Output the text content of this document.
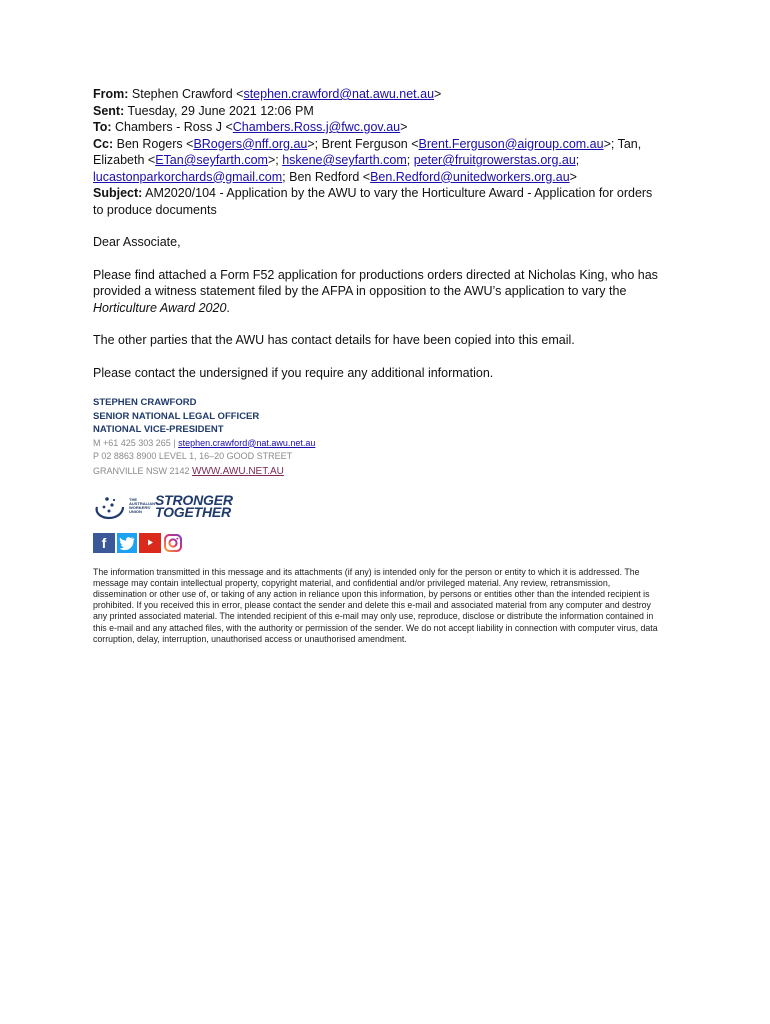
From: Stephen Crawford <stephen.crawford@nat.awu.net.au>
Sent: Tuesday, 29 June 2021 12:06 PM
To: Chambers - Ross J <Chambers.Ross.j@fwc.gov.au>
Cc: Ben Rogers <BRogers@nff.org.au>; Brent Ferguson <Brent.Ferguson@aigroup.com.au>; Tan, Elizabeth <ETan@seyfarth.com>; hskene@seyfarth.com; peter@fruitgrowerstas.org.au; lucastonparkorchards@gmail.com; Ben Redford <Ben.Redford@unitedworkers.org.au>
Subject: AM2020/104 - Application by the AWU to vary the Horticulture Award - Application for orders to produce documents

Dear Associate,

Please find attached a Form F52 application for productions orders directed at Nicholas King, who has provided a witness statement filed by the AFPA in opposition to the AWU’s application to vary the Horticulture Award 2020.

The other parties that the AWU has contact details for have been copied into this email.

Please contact the undersigned if you require any additional information.

STEPHEN CRAWFORD
SENIOR NATIONAL LEGAL OFFICER
NATIONAL VICE-PRESIDENT
M +61 425 303 265 | stephen.crawford@nat.awu.net.au
P 02 8863 8900 LEVEL 1, 16–20 GOOD STREET
GRANVILLE NSW 2142 WWW.AWU.NET.AU
THE AUSTRALIAN WORKERS' UNION
STRONGER
TOGETHER
f
The information transmitted in this message and its attachments (if any) is intended only for the person or entity to which it is addressed. The message may contain intellectual property, copyright material, and confidential and/or privileged material. Any review, retransmission, dissemination or other use of, or taking of any action in reliance upon this information, by persons or entities other than the intended recipient is prohibited. If you received this in error, please contact the sender and delete this e-mail and associated material from any computer and destroy any printed associated material. The intended recipient of this e-mail may only use, reproduce, disclose or distribute the information contained in this e-mail and any attached files, with the authority or permission of the sender. We do not accept liability in connection with computer virus, data corruption, delay, interruption, unauthorised access or unauthorised amendment.
